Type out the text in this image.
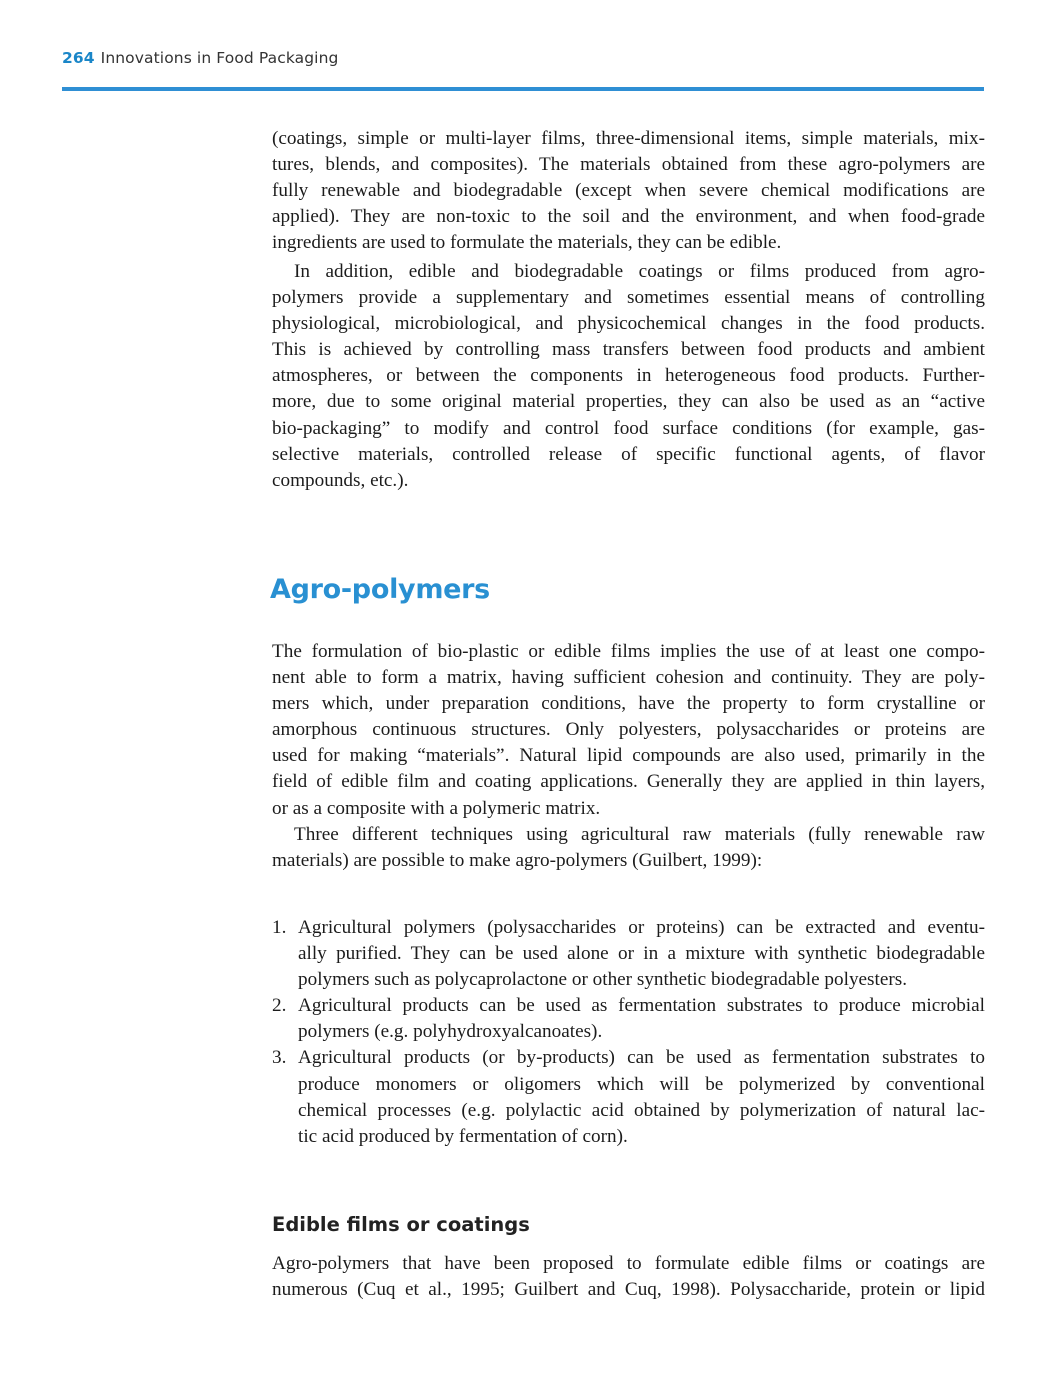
264 Innovations in Food Packaging

(coatings, simple or multi-layer films, three-dimensional items, simple materials, mix-
tures, blends, and composites). The materials obtained from these agro-polymers are
fully renewable and biodegradable (except when severe chemical modifications are
applied). They are non-toxic to the soil and the environment, and when food-grade
ingredients are used to formulate the materials, they can be edible.

In addition, edible and biodegradable coatings or films produced from agro-
polymers provide a supplementary and sometimes essential means of controlling
physiological, microbiological, and physicochemical changes in the food products.
This is achieved by controlling mass transfers between food products and ambient
atmospheres, or between the components in heterogeneous food products. Further-
more, due to some original material properties, they can also be used as an “active
bio-packaging” to modify and control food surface conditions (for example, gas-
selective materials, controlled release of specific functional agents, of flavor
compounds, etc.).

Agro-polymers

The formulation of bio-plastic or edible films implies the use of at least one compo-
nent able to form a matrix, having sufficient cohesion and continuity. They are poly-
mers which, under preparation conditions, have the property to form crystalline or
amorphous continuous structures. Only polyesters, polysaccharides or proteins are
used for making “materials”. Natural lipid compounds are also used, primarily in the
field of edible film and coating applications. Generally they are applied in thin layers,
or as a composite with a polymeric matrix.

Three different techniques using agricultural raw materials (fully renewable raw
materials) are possible to make agro-polymers (Guilbert, 1999):

1. Agricultural polymers (polysaccharides or proteins) can be extracted and eventu-
ally purified. They can be used alone or in a mixture with synthetic biodegradable
polymers such as polycaprolactone or other synthetic biodegradable polyesters.
2. Agricultural products can be used as fermentation substrates to produce microbial
polymers (e.g. polyhydroxyalcanoates).
3. Agricultural products (or by-products) can be used as fermentation substrates to
produce monomers or oligomers which will be polymerized by conventional
chemical processes (e.g. polylactic acid obtained by polymerization of natural lac-
tic acid produced by fermentation of corn).
Edible films or coatings

Agro-polymers that have been proposed to formulate edible films or coatings are
numerous (Cuq et al., 1995; Guilbert and Cuq, 1998). Polysaccharide, protein or lipid
